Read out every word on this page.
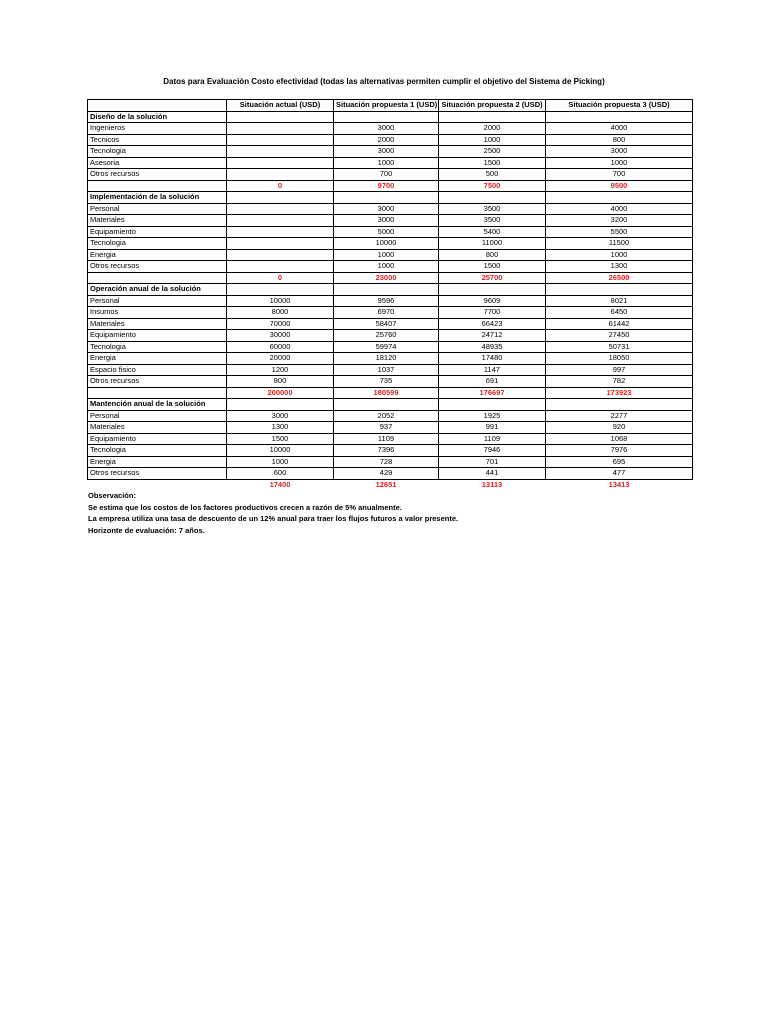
Datos para Evaluación Costo efectividad (todas las alternativas permiten cumplir el objetivo del Sistema de Picking)
	Situación actual (USD)	Situación propuesta 1 (USD)	Situación propuesta 2 (USD)	Situación propuesta 3 (USD)
Diseño de la solución				
Ingenieros		3000	2000	4000
Tecnicos		2000	1000	800
Tecnologia		3000	2500	3000
Asesoria		1000	1500	1000
Otros recursos		700	500	700
	0	9700	7500	9500
Implementación de la solución				
Personal		3000	3500	4000
Materiales		3000	3500	3200
Equipamiento		5000	5400	5500
Tecnologia		10000	11000	11500
Energia		1000	800	1000
Otros recursos		1000	1500	1300
	0	23000	25700	26500
Operación anual de la solución				
Personal	10000	9596	9609	8021
Insumos	8000	6970	7700	6450
Materiales	70000	58407	66423	61442
Equipamiento	30000	25760	24712	27450
Tecnologia	60000	59974	48935	50731
Energia	20000	18120	17480	18050
Espacio fisico	1200	1037	1147	997
Otros recursos	800	735	691	782
	200000	180599	176697	173923
Mantención anual de la solución				
Personal	3000	2052	1925	2277
Materiales	1300	937	991	920
Equipamiento	1500	1109	1109	1068
Tecnologia	10000	7396	7946	7976
Energia	1000	728	701	695
Otros recursos	600	429	441	477
	17400	12651	13113	13413
Observación:
Se estima que los costos de los factores productivos crecen a razón de 5% anualmente.
La empresa utiliza una tasa de descuento de un 12% anual para traer los flujos futuros a valor presente.
Horizonte de evaluación: 7 años.
